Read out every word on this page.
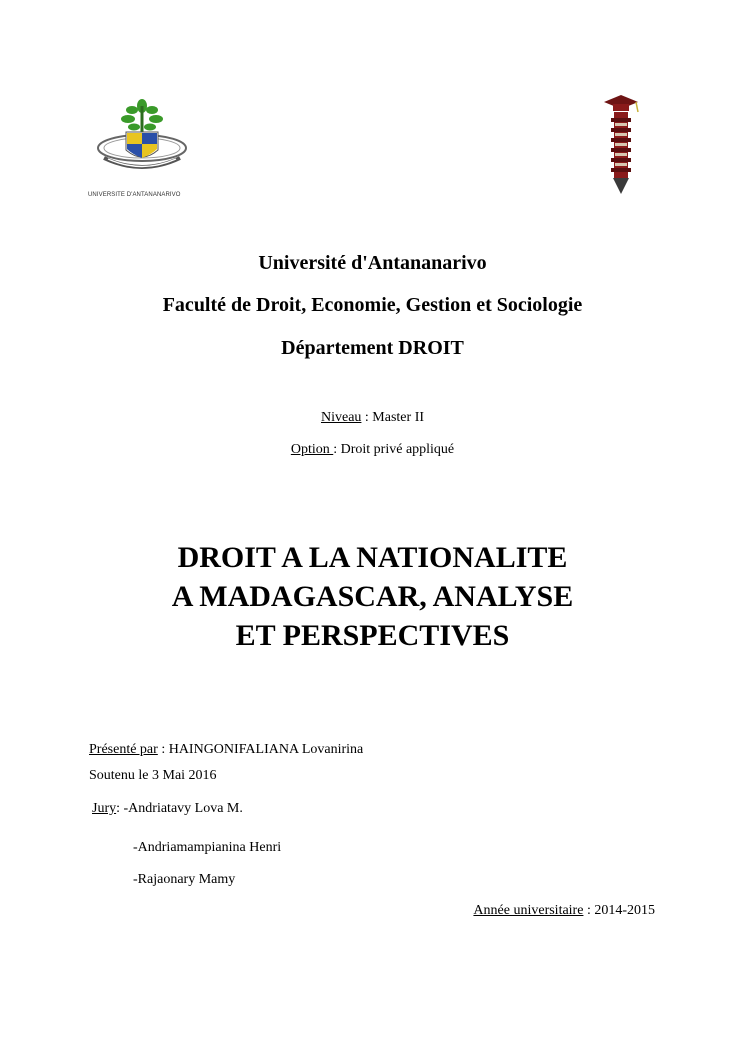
UNIVERSITE D'ANTANANARIVO
Université d'Antananarivo
Faculté de Droit, Economie, Gestion et Sociologie
Département DROIT
Niveau : Master II
Option : Droit privé appliqué
DROIT A LA NATIONALITE
A MADAGASCAR, ANALYSE
ET PERSPECTIVES
Présenté par : HAINGONIFALIANA Lovanirina
Soutenu le 3 Mai 2016
Jury: -Andriatavy Lova M.
-Andriamampianina Henri
-Rajaonary Mamy
Année universitaire : 2014-2015
